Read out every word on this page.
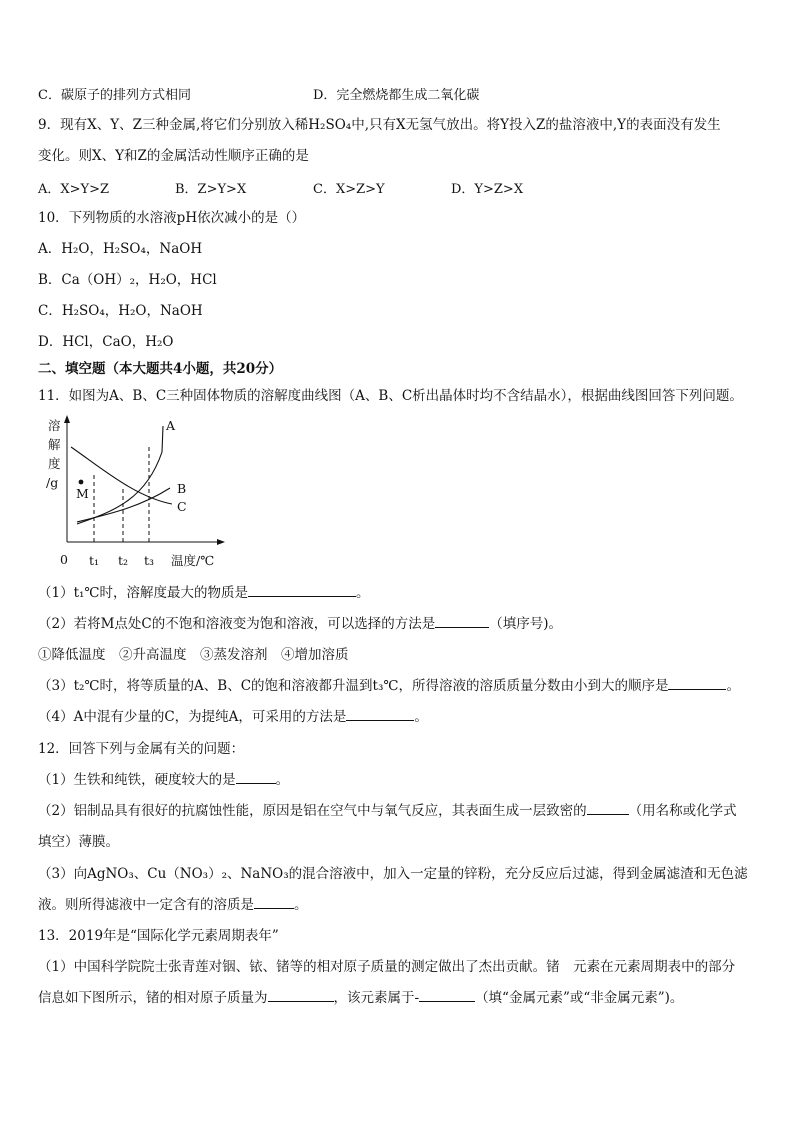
C．碳原子的排列方式相同	D．完全燃烧都生成二氧化碳
9．现有X、Y、Z三种金属,将它们分别放入稀H₂SO₄中,只有X无氢气放出。将Y投入Z的盐溶液中,Y的表面没有发生
变化。则X、Y和Z的金属活动性顺序正确的是
A．X>Y>Z	B．Z>Y>X	C．X>Z>Y	D．Y>Z>X
10．下列物质的水溶液pH依次减小的是（）
A．H₂O，H₂SO₄，NaOH
B．Ca（OH）₂，H₂O，HCl
C．H₂SO₄，H₂O，NaOH
D．HCl，CaO，H₂O
二、填空题（本大题共4小题，共20分）
11．如图为A、B、C三种固体物质的溶解度曲线图（A、B、C析出晶体时均不含结晶水），根据曲线图回答下列问题。
溶
解
度
/g
M
A
B
C
0 t₁ t₂ t₃ 温度/℃
（1）t₁℃时，溶解度最大的物质是	。
（2）若将M点处C的不饱和溶液变为饱和溶液，可以选择的方法是	（填序号)。
①降低温度　②升高温度　③蒸发溶剂　④增加溶质
（3）t₂℃时，将等质量的A、B、C的饱和溶液都升温到t₃℃，所得溶液的溶质质量分数由小到大的顺序是	。
（4）A中混有少量的C，为提纯A，可采用的方法是	。
12．回答下列与金属有关的问题：
（1）生铁和纯铁，硬度较大的是	。
（2）铝制品具有很好的抗腐蚀性能，原因是铝在空气中与氧气反应，其表面生成一层致密的	（用名称或化学式
填空）薄膜。
（3）向AgNO₃、Cu（NO₃）₂、NaNO₃的混合溶液中，加入一定量的锌粉，充分反应后过滤，得到金属滤渣和无色滤
液。则所得滤液中一定含有的溶质是	。
13．2019年是“国际化学元素周期表年”
（1）中国科学院院士张青莲对铟、铱、锗等的相对原子质量的测定做出了杰出贡献。锗　元素在元素周期表中的部分
信息如下图所示，锗的相对原子质量为	，该元素属于-	（填“金属元素”或“非金属元素”)。
